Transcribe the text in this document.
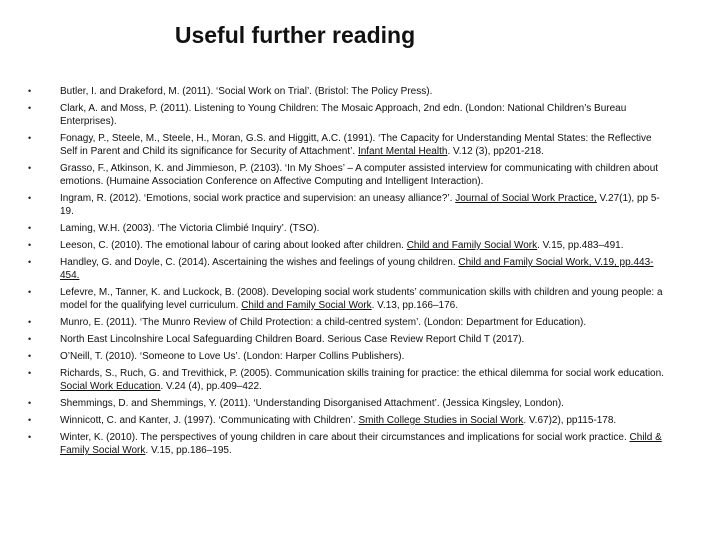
Useful further reading
•	Butler, I. and Drakeford, M. (2011). ‘Social Work on Trial’. (Bristol: The Policy Press).
•	Clark, A. and Moss, P. (2011). Listening to Young Children: The Mosaic Approach, 2nd edn. (London: National Children’s Bureau Enterprises).
•	Fonagy, P., Steele, M., Steele, H., Moran, G.S. and Higgitt, A.C. (1991). ‘The Capacity for Understanding Mental States: the Reflective Self in Parent and Child its significance for Security of Attachment’. Infant Mental Health. V.12 (3), pp201-218.
•	Grasso, F., Atkinson, K. and Jimmieson, P. (2103). ‘In My Shoes’ – A computer assisted interview for communicating with children about emotions. (Humaine Association Conference on Affective Computing and Intelligent Interaction).
•	Ingram, R. (2012). ‘Emotions, social work practice and supervision: an uneasy alliance?’. Journal of Social Work Practice, V.27(1), pp 5-19.
•	Laming, W.H. (2003). ‘The Victoria Climbié Inquiry’. (TSO).
•	Leeson, C. (2010). The emotional labour of caring about looked after children. Child and Family Social Work. V.15, pp.483–491.
•	Handley, G. and Doyle, C. (2014). Ascertaining the wishes and feelings of young children. Child and Family Social Work, V.19, pp.443-454.
•	Lefevre, M., Tanner, K. and Luckock, B. (2008). Developing social work students’ communication skills with children and young people: a model for the qualifying level curriculum. Child and Family Social Work. V.13, pp.166–176.
•	Munro, E. (2011). ‘The Munro Review of Child Protection: a child-centred system’. (London: Department for Education).
•	North East Lincolnshire Local Safeguarding Children Board. Serious Case Review Report Child T (2017).
•	O’Neill, T. (2010). ‘Someone to Love Us’. (London: Harper Collins Publishers).
•	Richards, S., Ruch, G. and Trevithick, P. (2005). Communication skills training for practice: the ethical dilemma for social work education. Social Work Education. V.24 (4), pp.409–422.
•	Shemmings, D. and Shemmings, Y. (2011). ‘Understanding Disorganised Attachment’. (Jessica Kingsley, London).
•	Winnicott, C. and Kanter, J. (1997). ‘Communicating with Children’. Smith College Studies in Social Work. V.67)2), pp115-178.
•	Winter, K. (2010). The perspectives of young children in care about their circumstances and implications for social work practice. Child & Family Social Work. V.15, pp.186–195.
